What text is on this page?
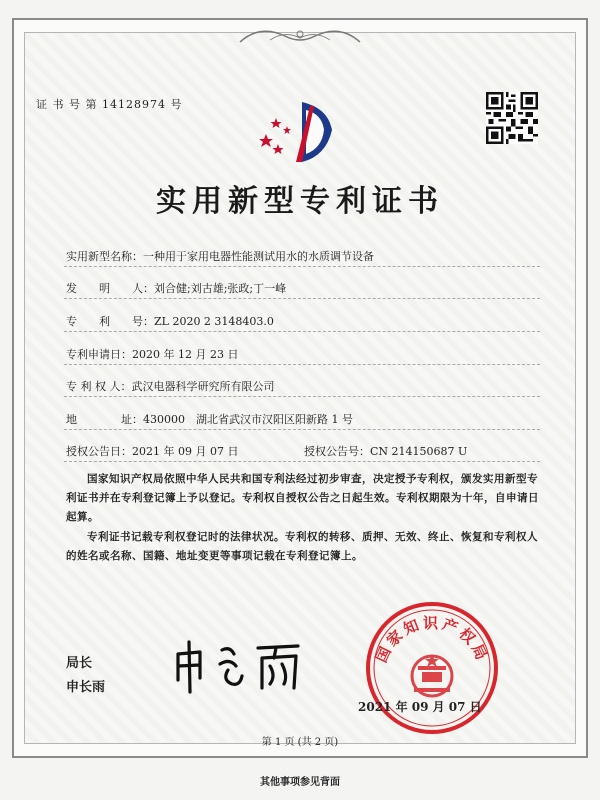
证 书 号 第 14128974 号
实用新型专利证书
实用新型名称：一种用于家用电器性能测试用水的水质调节设备
发　　明　　人：刘合健;刘古雄;张政;丁一峰
专　　利　　号：ZL 2020 2 3148403.0
专利申请日：2020 年 12 月 23 日
专 利 权 人：武汉电器科学研究所有限公司
地　　　　址：430000　湖北省武汉市汉阳区阳新路 1 号
授权公告日：2021 年 09 月 07 日	授权公告号：CN 214150687 U
国家知识产权局依照中华人民共和国专利法经过初步审查，决定授予专利权，颁发实用新型专利证书并在专利登记簿上予以登记。专利权自授权公告之日起生效。专利权期限为十年，自申请日起算。
专利证书记载专利权登记时的法律状况。专利权的转移、质押、无效、终止、恢复和专利权人的姓名或名称、国籍、地址变更等事项记载在专利登记簿上。
局长
申长雨
国家知识产权局
2021 年 09 月 07 日
第 1 页 (共 2 页)
其他事项参见背面
